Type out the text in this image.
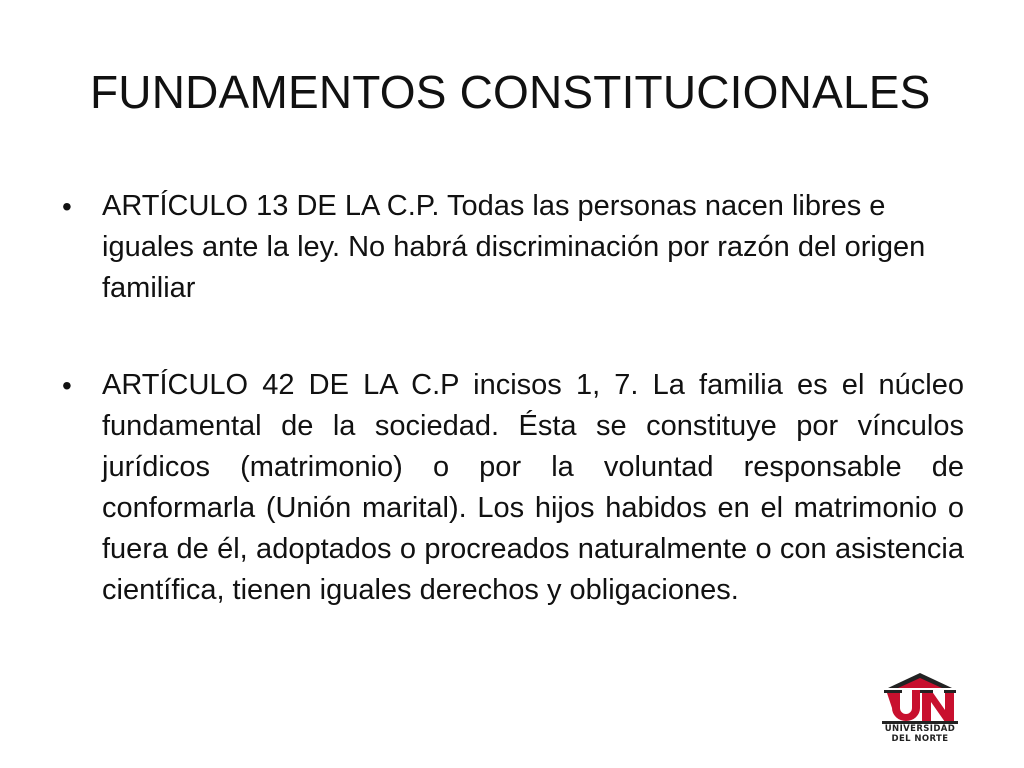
FUNDAMENTOS CONSTITUCIONALES
•	ARTÍCULO 13 DE LA C.P. Todas las personas nacen libres e iguales ante la ley. No habrá discriminación por razón del origen familiar
•	ARTÍCULO 42 DE LA C.P incisos 1, 7. La familia es el núcleo fundamental de la sociedad. Ésta se constituye por vínculos jurídicos (matrimonio) o por la voluntad responsable de conformarla (Unión marital). Los hijos habidos en el matrimonio o fuera de él, adoptados o procreados naturalmente o con asistencia científica, tienen iguales derechos y obligaciones.
UNIVERSIDAD
DEL NORTE
